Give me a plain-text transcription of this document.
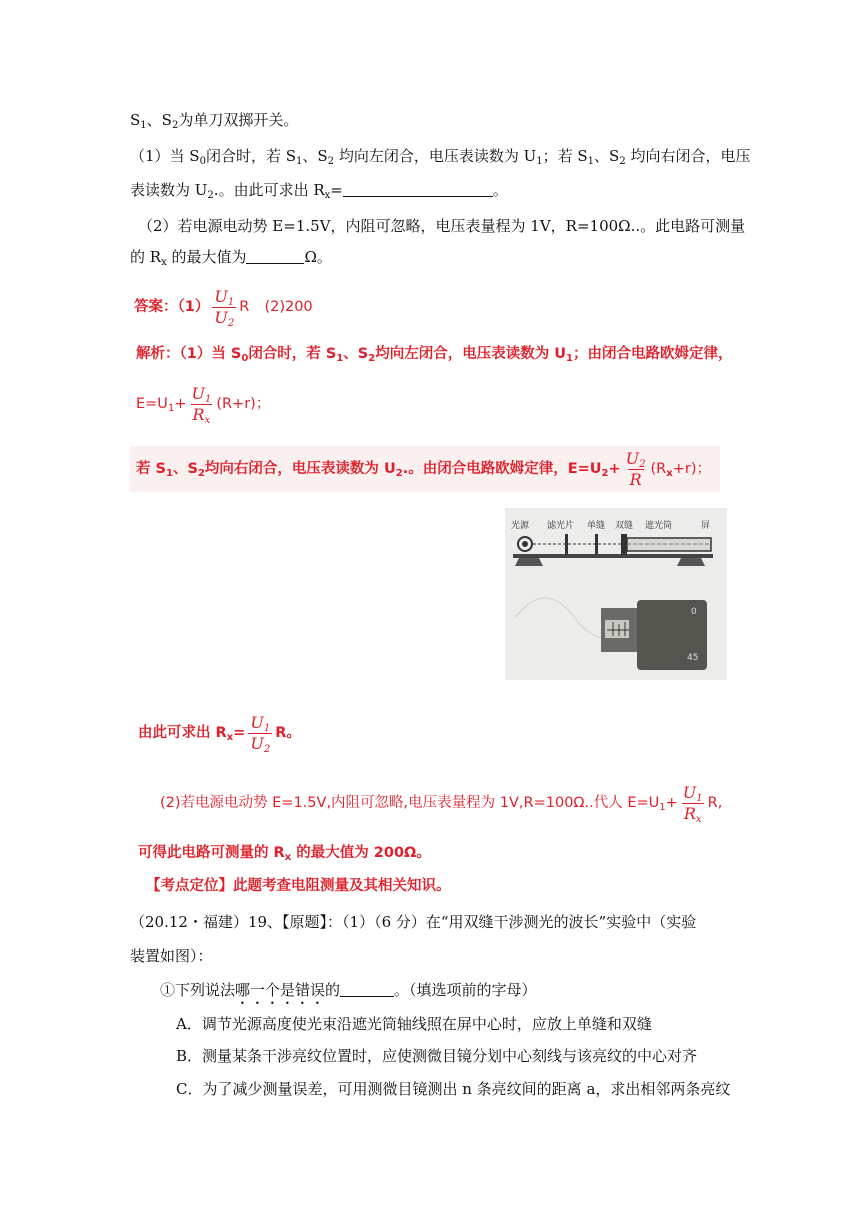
$S_1$、$S_2$为单刀双掷开关。
（1）当 $S_0$闭合时，若 $S_1$、$S_2$ 均向左闭合，电压表读数为 $U_1$；若 $S_1$、$S_2$ 均向右闭合，电压
表读数为 $U_2$.。由此可求出 $R_x=$	。
（2）若电源电动势 E=1.5V，内阻可忽略，电压表量程为 1V，R=100Ω..。此电路可测量
的 $R_x$ 的最大值为	Ω。
答案：$(1) \frac{U_1}{U_2}$ R (2)200
解析：（1）当 $S_0$闭合时，若 $S_1$、$S_2$均向左闭合，电压表读数为 $U_1$；由闭合电路欧姆定律，
$E=U_1+ \frac{U_1}{R_x} (R+r)$；
若 $S_1$、$S_2$均向右闭合，电压表读数为 $U_2$.。由闭合电路欧姆定律，$E=U_2+ \frac{U_2}{R} (R_x+r)$；
光源 滤光片 单缝 双缝 遮光筒	屏
0
45
由此可求出 $R_x= \frac{U_1}{U_2}$ R。
(2)若电源电动势 E=1.5V,内阻可忽略,电压表量程为 1V,R=100Ω..代人 $E=U_1+ \frac{U_1}{R_x} R$,
可得此电路可测量的 $R_x$ 的最大值为 200Ω。
【考点定位】此题考查电阻测量及其相关知识。
（20.12・福建）19、【原题】：（1）（6 分）在“用双缝干涉测光的波长”实验中（实验
装置如图）：
①下列说法哪一个是错误的	。（填选项前的字母）
A．调节光源高度使光束沿遮光筒轴线照在屏中心时，应放上单缝和双缝
B．测量某条干涉亮纹位置时，应使测微目镜分划中心刻线与该亮纹的中心对齐
C．为了减少测量误差，可用测微目镜测出 n 条亮纹间的距离 a，求出相邻两条亮纹
